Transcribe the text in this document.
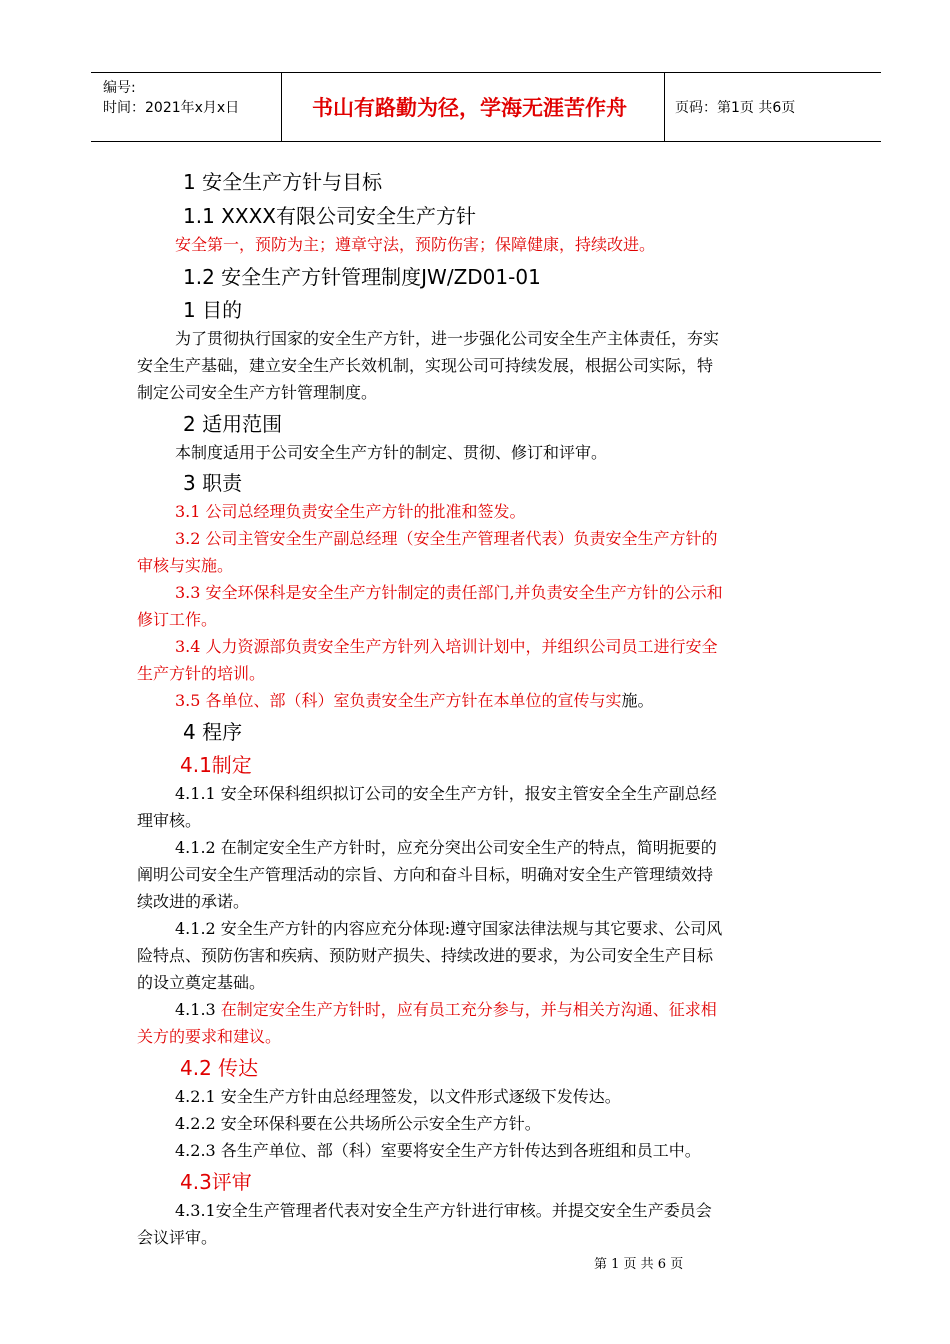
编号:
时间：2021年x月x日	书山有路勤为径，学海无涯苦作舟	页码：第1页 共6页
1 安全生产方针与目标
1.1 XXXX有限公司安全生产方针
安全第一，预防为主；遵章守法，预防伤害；保障健康，持续改进。
1.2 安全生产方针管理制度JW/ZD01-01
1 目的
为了贯彻执行国家的安全生产方针，进一步强化公司安全生产主体责任，夯实
安全生产基础，建立安全生产长效机制，实现公司可持续发展，根据公司实际，特
制定公司安全生产方针管理制度。
2 适用范围
本制度适用于公司安全生产方针的制定、贯彻、修订和评审。
3 职责
3.1 公司总经理负责安全生产方针的批准和签发。
3.2 公司主管安全生产副总经理（安全生产管理者代表）负责安全生产方针的
审核与实施。
3.3 安全环保科是安全生产方针制定的责任部门,并负责安全生产方针的公示和
修订工作。
3.4 人力资源部负责安全生产方针列入培训计划中，并组织公司员工进行安全
生产方针的培训。
3.5 各单位、部（科）室负责安全生产方针在本单位的宣传与实施。
4 程序
4.1制定
4.1.1 安全环保科组织拟订公司的安全生产方针，报安主管安全全生产副总经
理审核。
4.1.2 在制定安全生产方针时，应充分突出公司安全生产的特点，简明扼要的
阐明公司安全生产管理活动的宗旨、方向和奋斗目标，明确对安全生产管理绩效持
续改进的承诺。
4.1.2 安全生产方针的内容应充分体现:遵守国家法律法规与其它要求、公司风
险特点、预防伤害和疾病、预防财产损失、持续改进的要求，为公司安全生产目标
的设立奠定基础。
4.1.3 在制定安全生产方针时，应有员工充分参与，并与相关方沟通、征求相
关方的要求和建议。
4.2 传达
4.2.1 安全生产方针由总经理签发，以文件形式逐级下发传达。
4.2.2 安全环保科要在公共场所公示安全生产方针。
4.2.3 各生产单位、部（科）室要将安全生产方针传达到各班组和员工中。
4.3评审
4.3.1安全生产管理者代表对安全生产方针进行审核。并提交安全生产委员会
会议评审。
第 1 页 共 6 页
